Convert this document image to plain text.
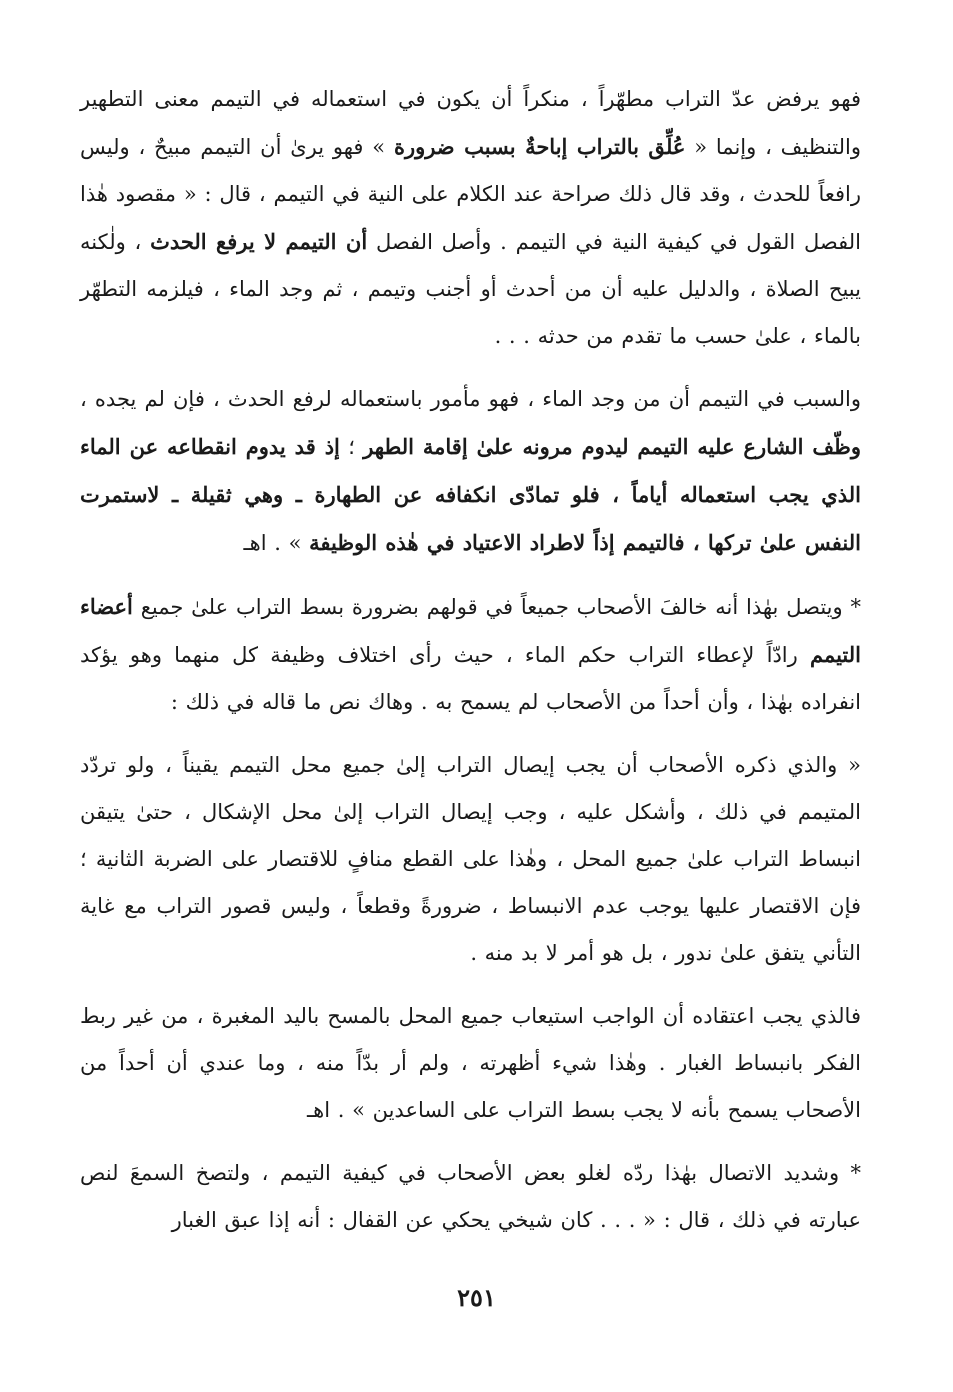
فهو يرفض عدّ التراب مطهّراً ، منكراً أن يكون في استعماله في التيمم معنى التطهير والتنظيف ، وإنما « عُلِّق بالتراب إباحةٌ بسبب ضرورة » فهو يرىٰ أن التيمم مبيحٌ ، وليس رافعاً للحدث ، وقد قال ذلك صراحة عند الكلام على النية في التيمم ، قال : « مقصود هٰذا الفصل القول في كيفية النية في التيمم . وأصل الفصل أن التيمم لا يرفع الحدث ، ولٰكنه يبيح الصلاة ، والدليل عليه أن من أحدث أو أجنب وتيمم ، ثم وجد الماء ، فيلزمه التطهّر بالماء ، علىٰ حسب ما تقدم من حدثه . . .

والسبب في التيمم أن من وجد الماء ، فهو مأمور باستعماله لرفع الحدث ، فإن لم يجده ، وظّف الشارع عليه التيمم ليدوم مرونه علىٰ إقامة الطهر ؛ إذ قد يدوم انقطاعه عن الماء الذي يجب استعماله أياماً ، فلو تمادّى انكفافه عن الطهارة ـ وهي ثقيلة ـ لاستمرت النفس علىٰ تركها ، فالتيمم إذاً لاطراد الاعتياد في هٰذه الوظيفة » . اهـ

* ويتصل بهٰذا أنه خالفَ الأصحاب جميعاً في قولهم بضرورة بسط التراب علىٰ جميع أعضاء التيمم رادّاً لإعطاء التراب حكم الماء ، حيث رأى اختلاف وظيفة كل منهما وهو يؤكد انفراده بهٰذا ، وأن أحداً من الأصحاب لم يسمح به . وهاك نص ما قاله في ذلك :

« والذي ذكره الأصحاب أن يجب إيصال التراب إلىٰ جميع محل التيمم يقيناً ، ولو تردّد المتيمم في ذلك ، وأشكل عليه ، وجب إيصال التراب إلىٰ محل الإشكال ، حتىٰ يتيقن انبساط التراب علىٰ جميع المحل ، وهٰذا على القطع منافٍ للاقتصار على الضربة الثانية ؛ فإن الاقتصار عليها يوجب عدم الانبساط ، ضرورةً وقطعاً ، وليس قصور التراب مع غاية التأني يتفق علىٰ ندور ، بل هو أمر لا بد منه .

فالذي يجب اعتقاده أن الواجب استيعاب جميع المحل بالمسح باليد المغبرة ، من غير ربط الفكر بانبساط الغبار . وهٰذا شيء أظهرته ، ولم أر بدّاً منه ، وما عندي أن أحداً من الأصحاب يسمح بأنه لا يجب بسط التراب على الساعدين » . اهـ

* وشديد الاتصال بهٰذا ردّه لغلو بعض الأصحاب في كيفية التيمم ، ولتصخ السمعَ لنص عبارته في ذلك ، قال : « . . . كان شيخي يحكي عن القفال : أنه إذا عبق الغبار

٢٥١
